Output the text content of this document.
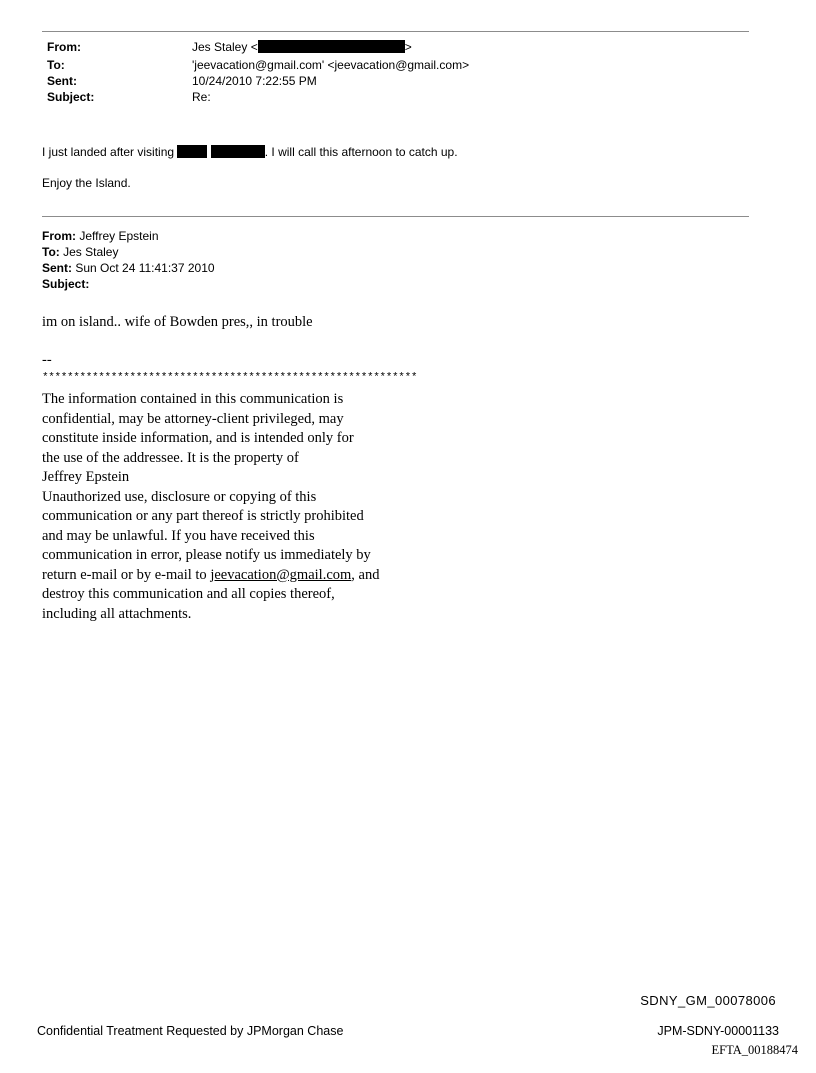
From:	Jes Staley <	>
To:	'jeevacation@gmail.com' <jeevacation@gmail.com>
Sent:	10/24/2010 7:22:55 PM
Subject:	Re:
I just landed after visiting	. I will call this afternoon to catch up.
Enjoy the Island.
From: Jeffrey Epstein
To: Jes Staley
Sent: Sun Oct 24 11:41:37 2010
Subject:
im on island.. wife of Bowden pres,, in trouble
--
************************************************************
The information contained in this communication is
confidential, may be attorney-client privileged, may
constitute inside information, and is intended only for
the use of the addressee. It is the property of
Jeffrey Epstein
Unauthorized use, disclosure or copying of this
communication or any part thereof is strictly prohibited
and may be unlawful. If you have received this
communication in error, please notify us immediately by
return e-mail or by e-mail to jeevacation@gmail.com, and
destroy this communication and all copies thereof,
including all attachments.
SDNY_GM_00078006
Confidential Treatment Requested by JPMorgan Chase	JPM-SDNY-00001133
EFTA_00188474
